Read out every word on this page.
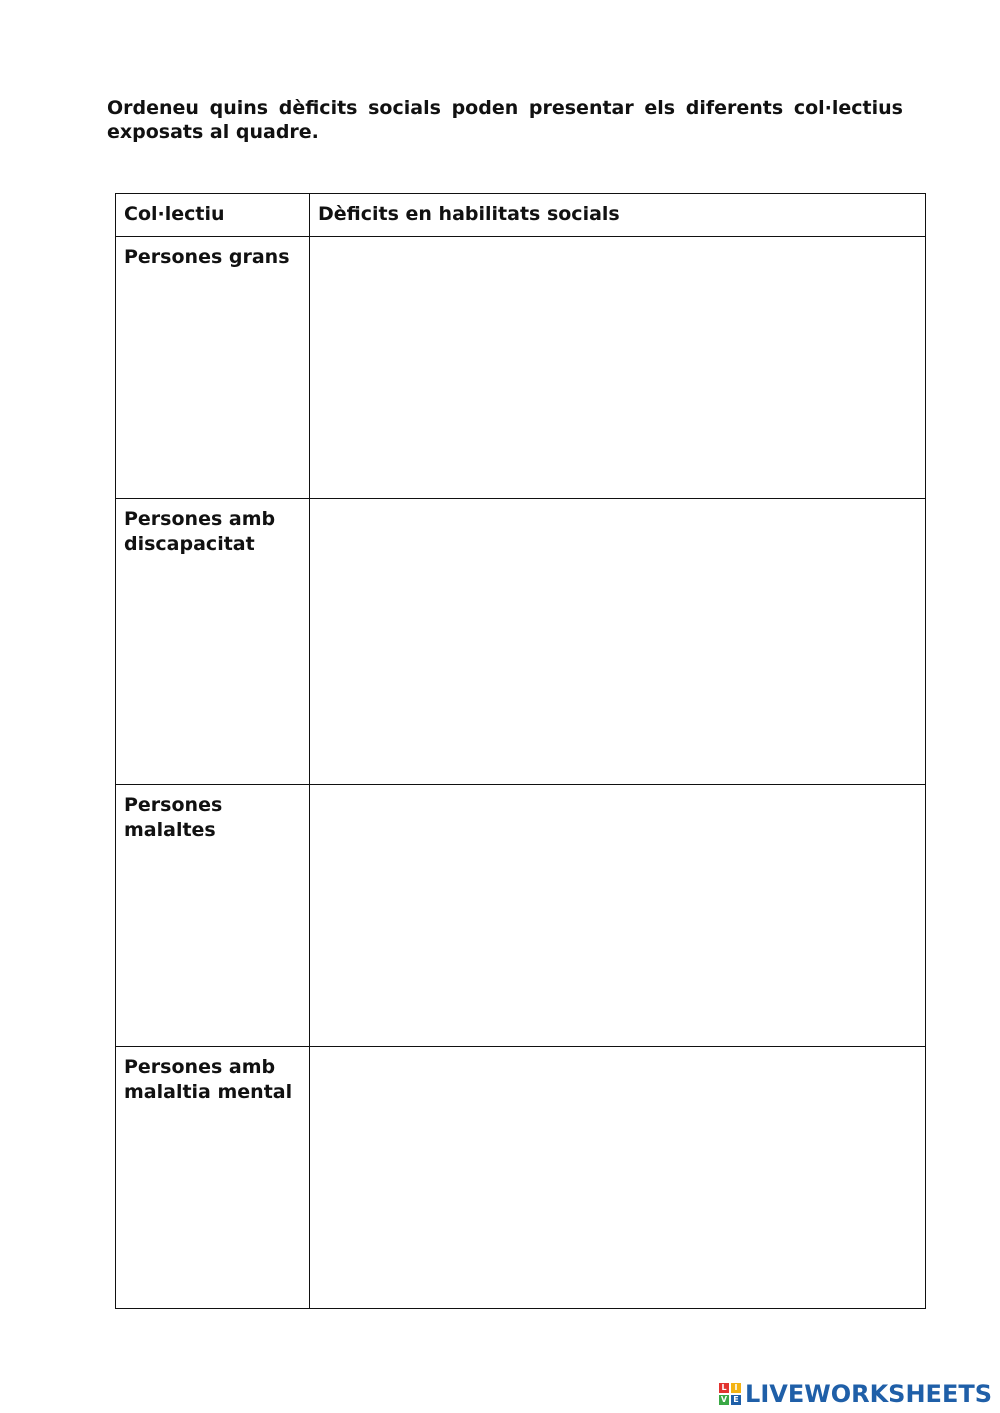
Ordeneu quins dèficits socials poden presentar els diferents col·lectius exposats al quadre.

Col·lectiu	Dèficits en habilitats socials
Persones grans	
Persones amb discapacitat	
Persones malaltes	
Persones amb malaltia mental	
L I
V E LIVEWORKSHEETS
